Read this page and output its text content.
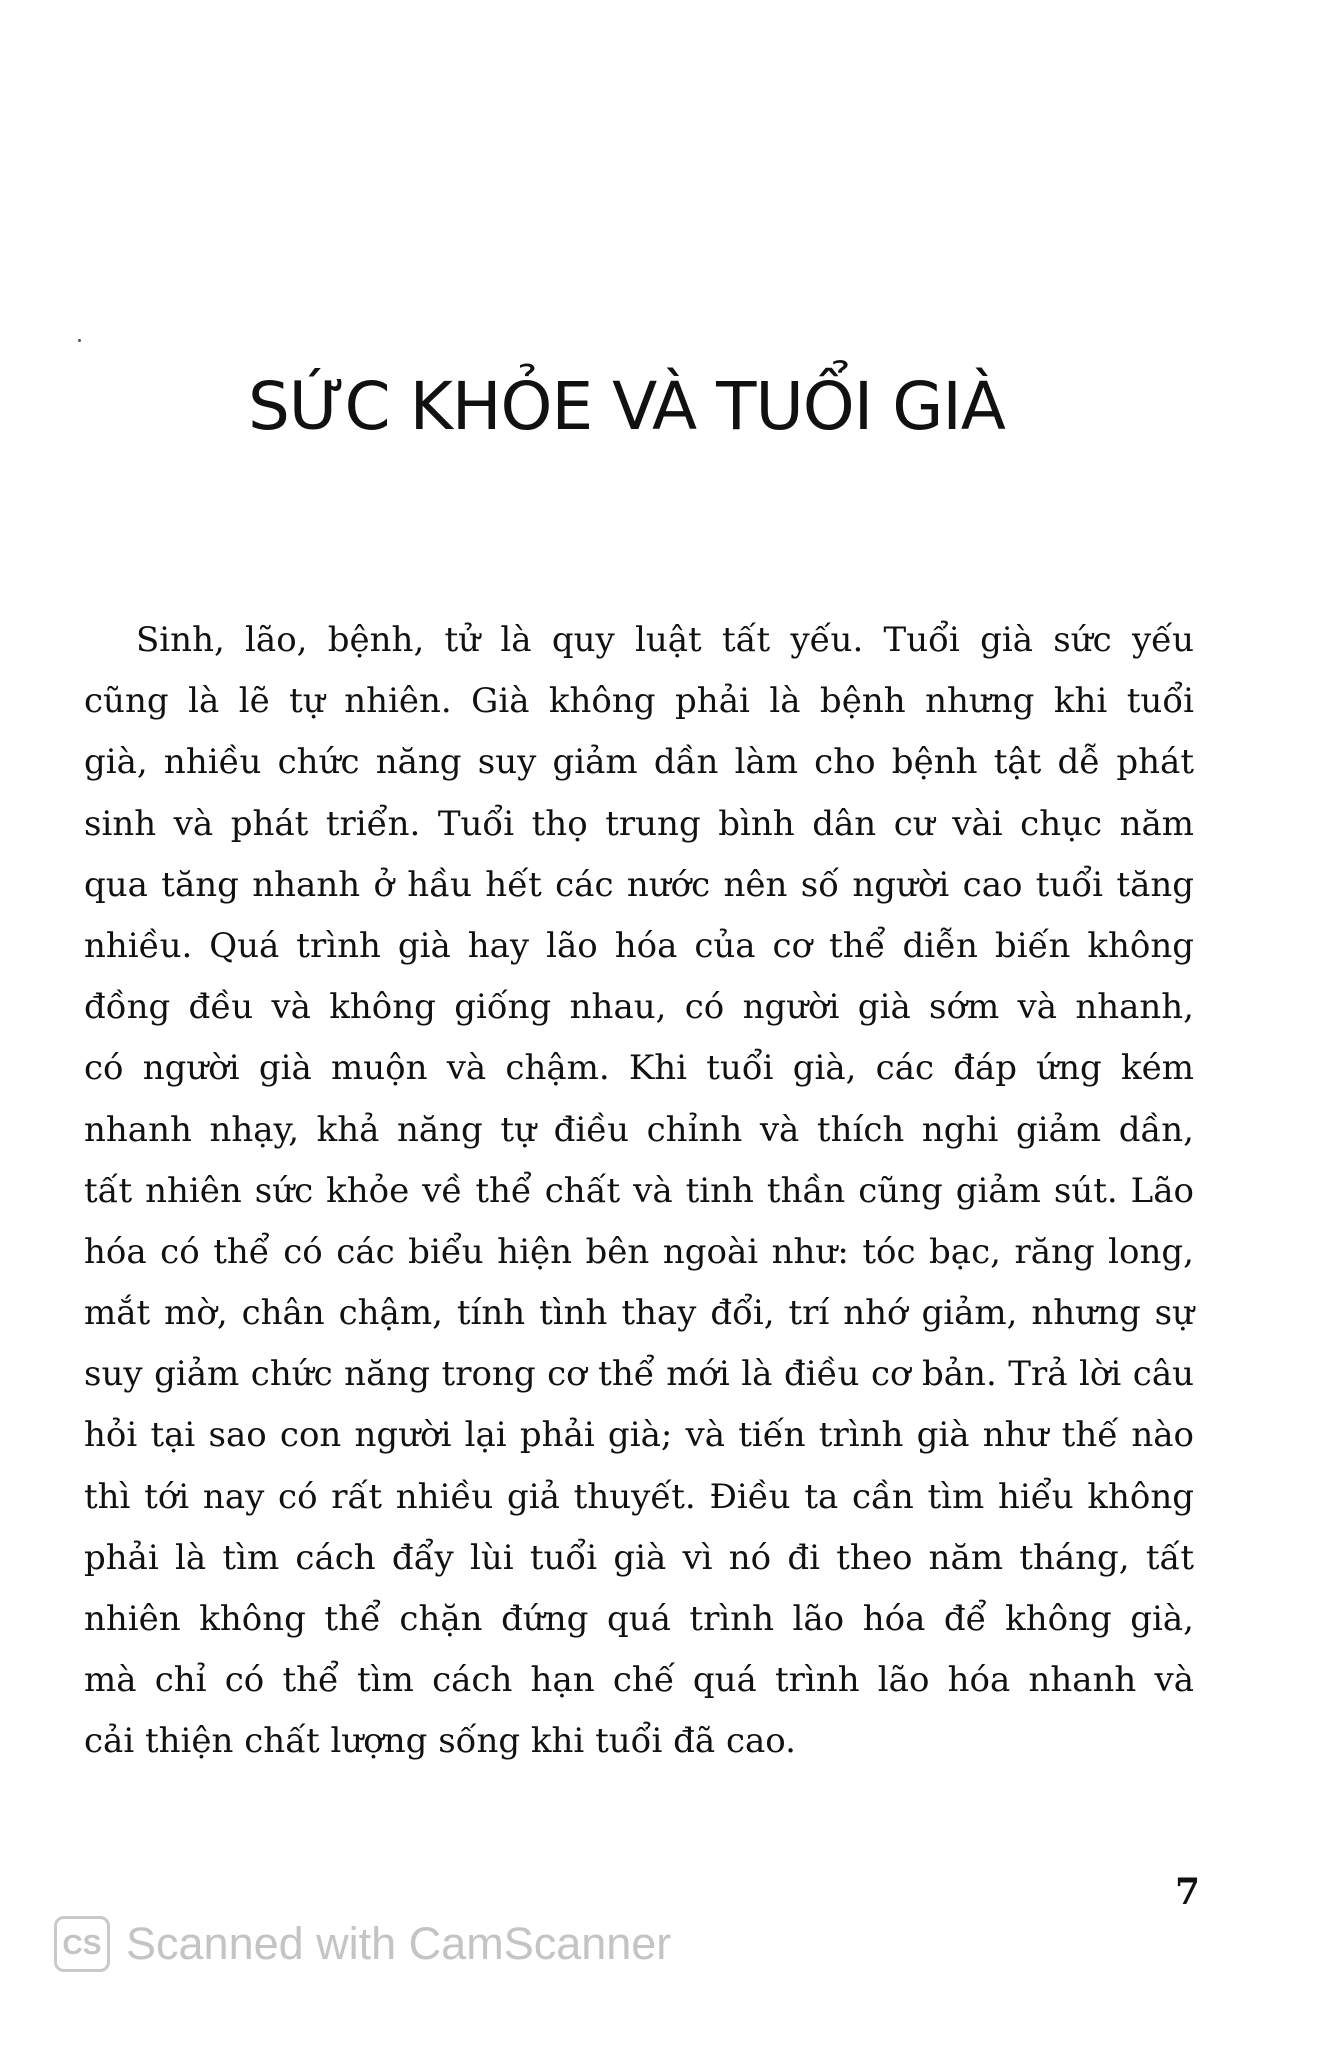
SỨC KHỎE VÀ TUỔI GIÀ
Sinh, lão, bệnh, tử là quy luật tất yếu. Tuổi già sức yếu
cũng là lẽ tự nhiên. Già không phải là bệnh nhưng khi tuổi
già, nhiều chức năng suy giảm dần làm cho bệnh tật dễ phát
sinh và phát triển. Tuổi thọ trung bình dân cư vài chục năm
qua tăng nhanh ở hầu hết các nước nên số người cao tuổi tăng
nhiều. Quá trình già hay lão hóa của cơ thể diễn biến không
đồng đều và không giống nhau, có người già sớm và nhanh,
có người già muộn và chậm. Khi tuổi già, các đáp ứng kém
nhanh nhạy, khả năng tự điều chỉnh và thích nghi giảm dần,
tất nhiên sức khỏe về thể chất và tinh thần cũng giảm sút. Lão
hóa có thể có các biểu hiện bên ngoài như: tóc bạc, răng long,
mắt mờ, chân chậm, tính tình thay đổi, trí nhớ giảm, nhưng sự
suy giảm chức năng trong cơ thể mới là điều cơ bản. Trả lời câu
hỏi tại sao con người lại phải già; và tiến trình già như thế nào
thì tới nay có rất nhiều giả thuyết. Điều ta cần tìm hiểu không
phải là tìm cách đẩy lùi tuổi già vì nó đi theo năm tháng, tất
nhiên không thể chặn đứng quá trình lão hóa để không già,
mà chỉ có thể tìm cách hạn chế quá trình lão hóa nhanh và
cải thiện chất lượng sống khi tuổi đã cao.
7
CS Scanned with CamScanner
